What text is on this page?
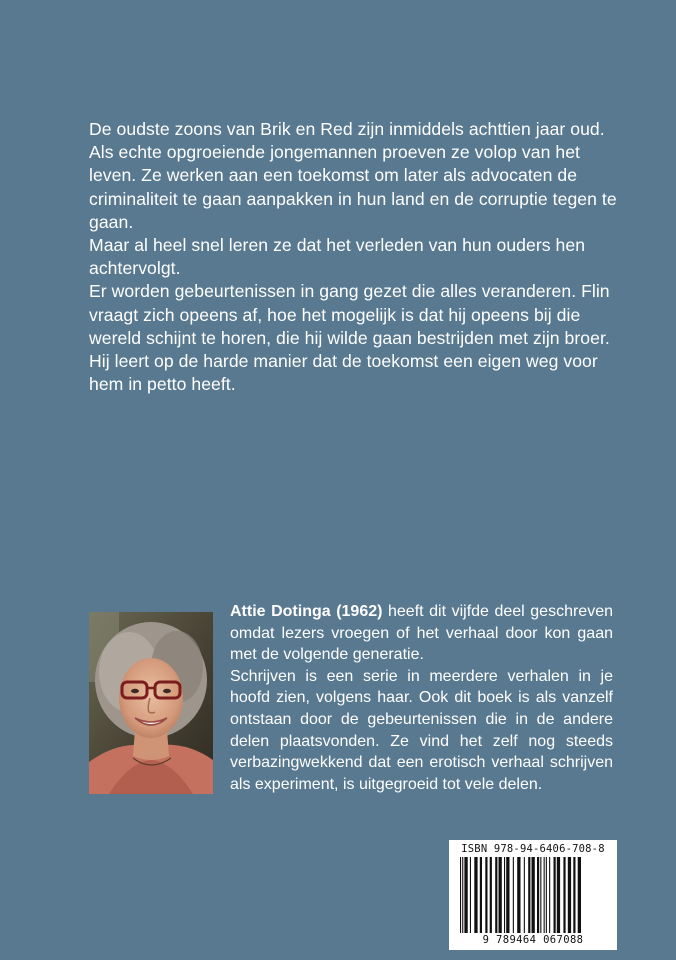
De oudste zoons van Brik en Red zijn inmiddels achttien jaar oud. Als echte opgroeiende jongemannen proeven ze volop van het leven. Ze werken aan een toekomst om later als advocaten de criminaliteit te gaan aanpakken in hun land en de corruptie tegen te gaan.

Maar al heel snel leren ze dat het verleden van hun ouders hen achtervolgt.

Er worden gebeurtenissen in gang gezet die alles veranderen. Flin vraagt zich opeens af, hoe het mogelijk is dat hij opeens bij die wereld schijnt te horen, die hij wilde gaan bestrijden met zijn broer.

Hij leert op de harde manier dat de toekomst een eigen weg voor hem in petto heeft.

Attie Dotinga (1962) heeft dit vijfde deel geschreven omdat lezers vroegen of het verhaal door kon gaan met de volgende generatie.

Schrijven is een serie in meerdere verhalen in je hoofd zien, volgens haar. Ook dit boek is als vanzelf ontstaan door de gebeurtenissen die in de andere delen plaatsvonden. Ze vind het zelf nog steeds verbazingwekkend dat een erotisch verhaal schrijven als experiment, is uitgegroeid tot vele delen.

ISBN 978-94-6406-708-8
9 789464 067088
